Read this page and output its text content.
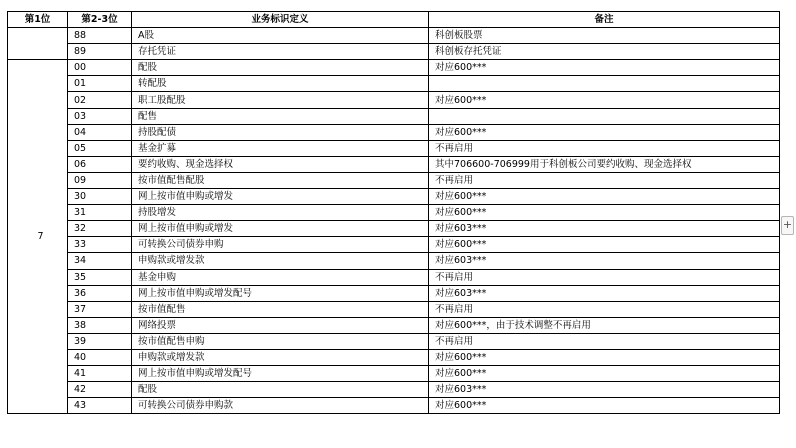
第1位	第2-3位	业务标识定义	备注
	88	A股	科创板股票
	89	存托凭证	科创板存托凭证
7	00	配股	对应600***
	01	转配股	
	02	职工股配股	对应600***
	03	配售	
	04	持股配债	对应600***
	05	基金扩募	不再启用
	06	要约收购、现金选择权	其中706600-706999用于科创板公司要约收购、现金选择权
	09	按市值配售配股	不再启用
	30	网上按市值申购或增发	对应600***
	31	持股增发	对应600***
	32	网上按市值申购或增发	对应603***
	33	可转换公司债券申购	对应600***
	34	申购款或增发款	对应603***
	35	基金申购	不再启用
	36	网上按市值申购或增发配号	对应603***
	37	按市值配售	不再启用
	38	网络投票	对应600***，由于技术调整不再启用
	39	按市值配售申购	不再启用
	40	申购款或增发款	对应600***
	41	网上按市值申购或增发配号	对应600***
	42	配股	对应603***
	43	可转换公司债券申购款	对应600***
+
